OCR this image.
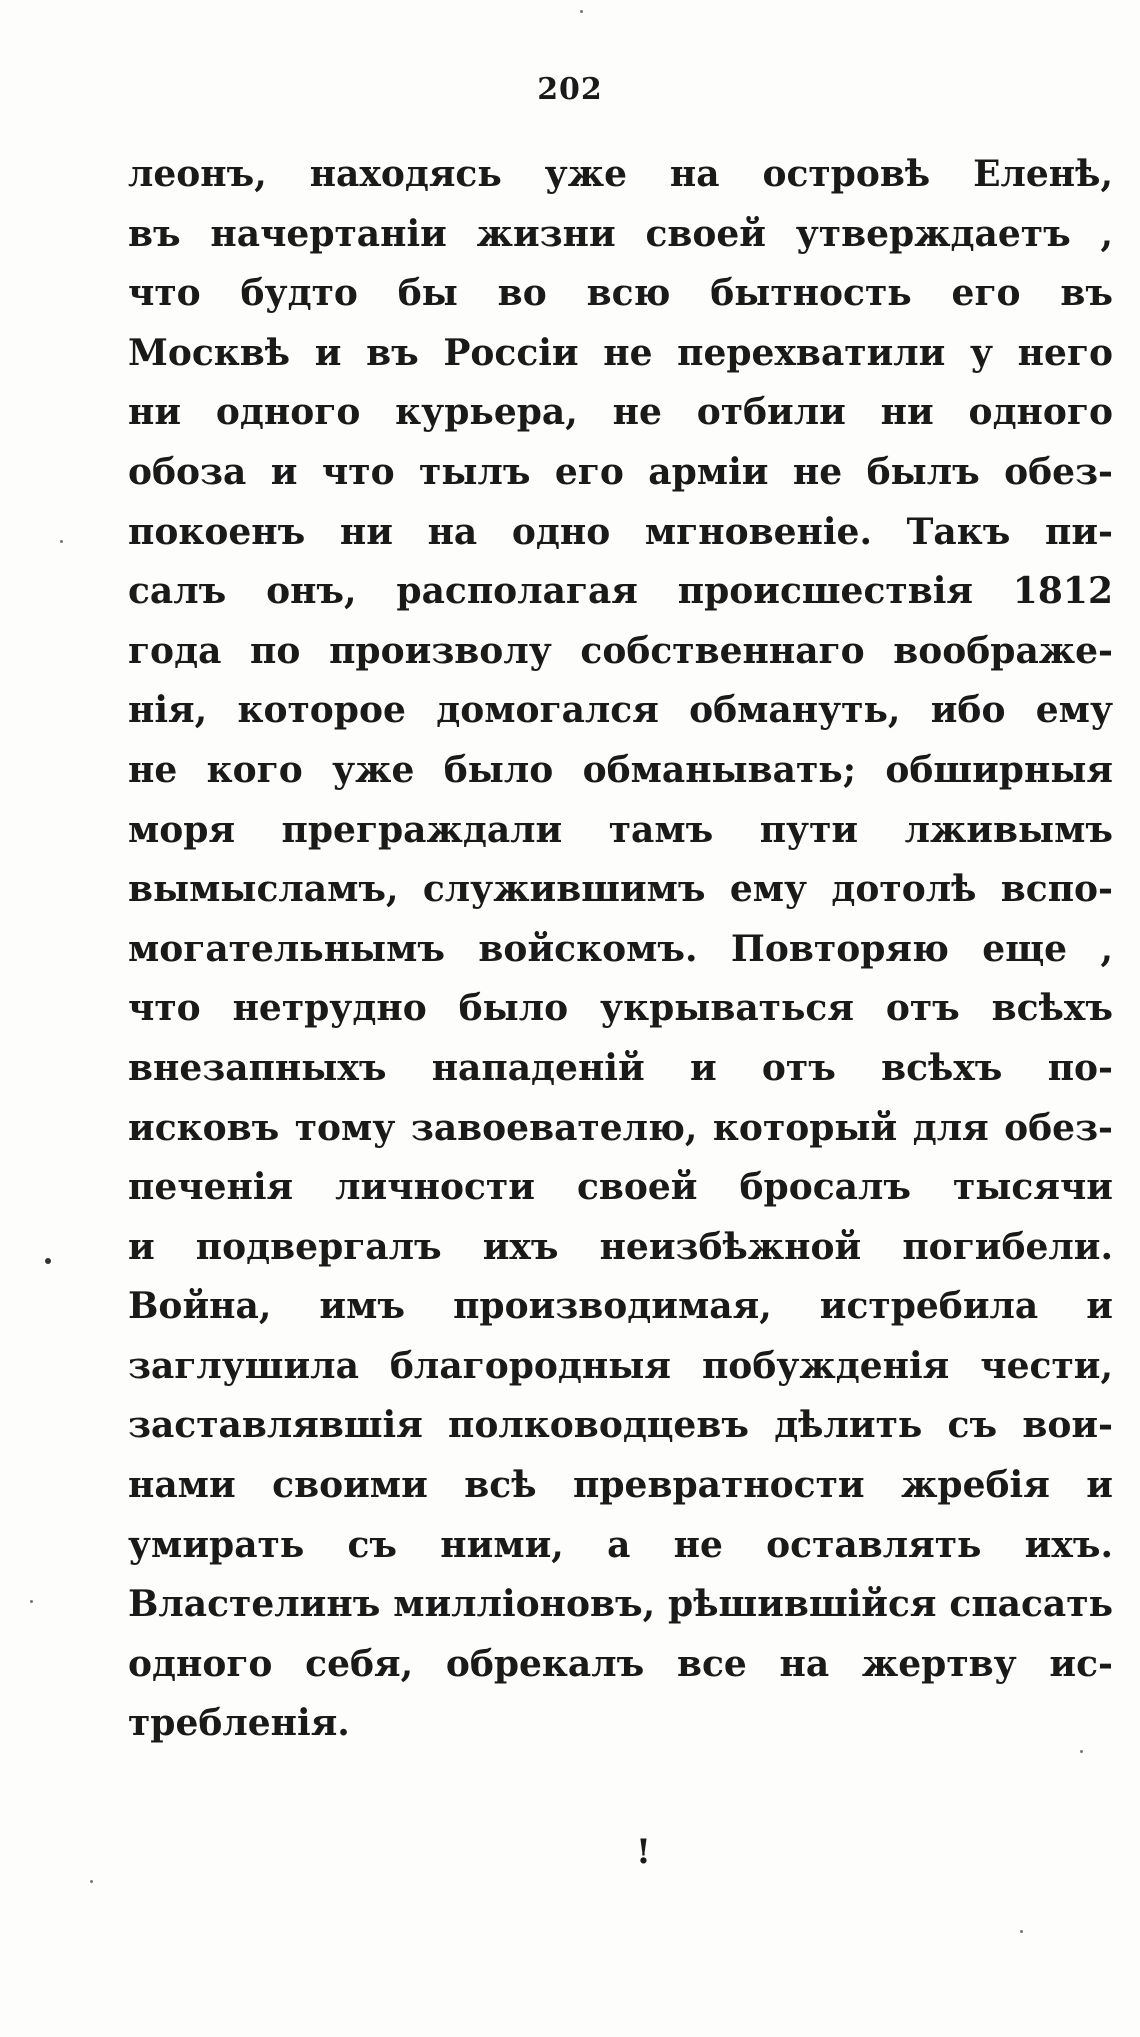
202
леонъ, находясь уже на островѣ Еленѣ,
въ начертаніи жизни своей утверждаетъ ,
что будто бы во всю бытность его въ
Москвѣ и въ Россіи не перехватили у него
ни одного курьера, не отбили ни одного
обоза и что тылъ его арміи не былъ обез-
покоенъ ни на одно мгновеніе. Такъ пи-
салъ онъ, располагая происшествія 1812
года по произволу собственнаго воображе-
нія, которое домогался обмануть, ибо ему
не кого уже было обманывать; обширныя
моря преграждали тамъ пути лживымъ
вымысламъ, служившимъ ему дотолѣ вспо-
могательнымъ войскомъ. Повторяю еще ,
что нетрудно было укрываться отъ всѣхъ
внезапныхъ нападеній и отъ всѣхъ по-
исковъ тому завоевателю, который для обез-
печенія личности своей бросалъ тысячи
и подвергалъ ихъ неизбѣжной погибели.
Война, имъ производимая, истребила и
заглушила благородныя побужденія чести,
заставлявшія полководцевъ дѣлить съ вои-
нами своими всѣ превратности жребія и
умирать съ ними, а не оставлять ихъ.
Властелинъ милліоновъ, рѣшившійся спасать
одного себя, обрекалъ все на жертву ис-
требленія.
!
